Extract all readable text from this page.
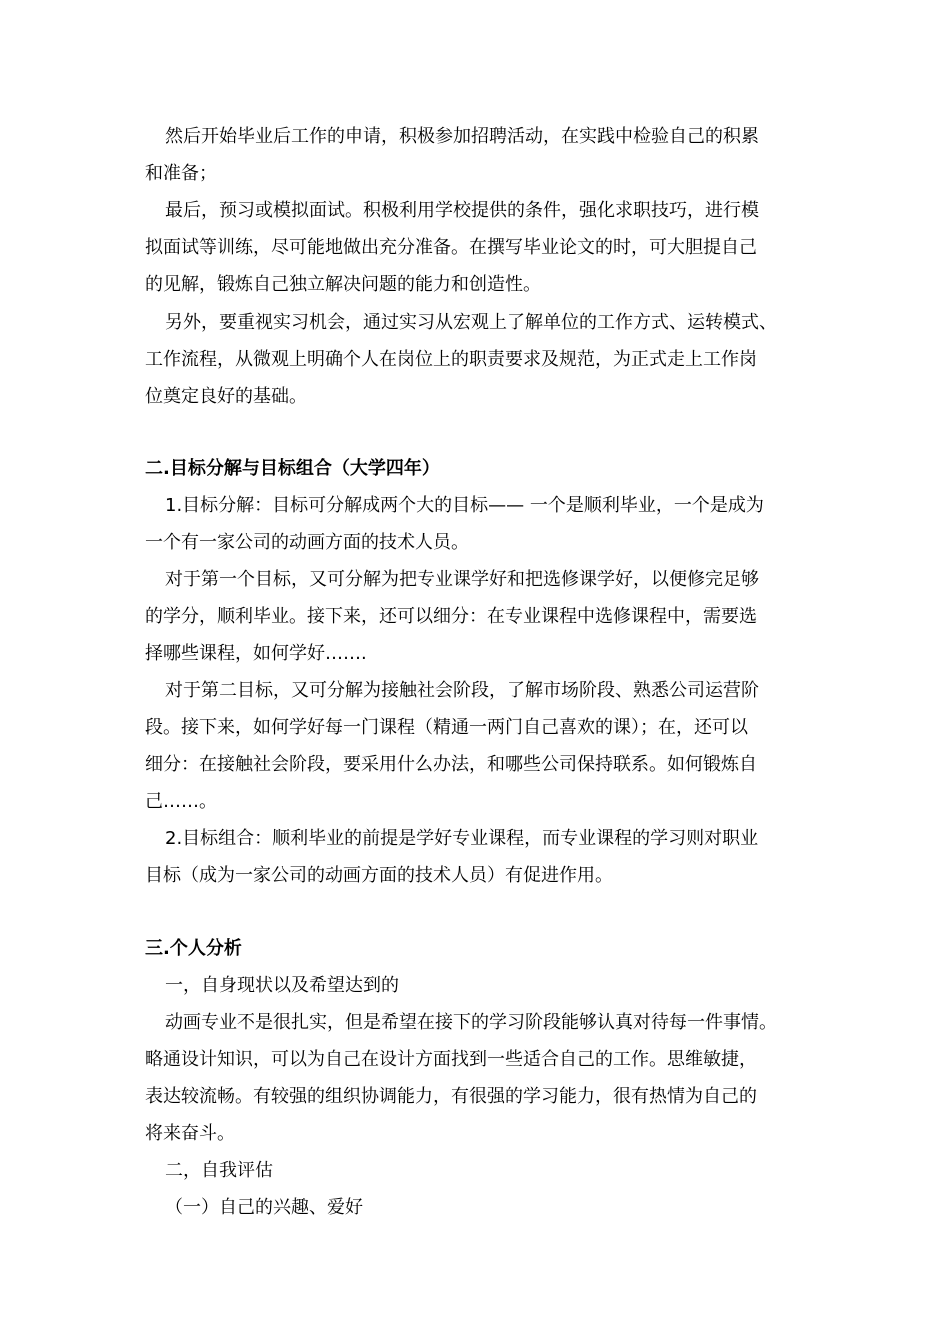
然后开始毕业后工作的申请，积极参加招聘活动，在实践中检验自己的积累
和准备；

最后，预习或模拟面试。积极利用学校提供的条件，强化求职技巧，进行模
拟面试等训练，尽可能地做出充分准备。在撰写毕业论文的时，可大胆提自己
的见解，锻炼自己独立解决问题的能力和创造性。

另外，要重视实习机会，通过实习从宏观上了解单位的工作方式、运转模式、
工作流程，从微观上明确个人在岗位上的职责要求及规范，为正式走上工作岗
位奠定良好的基础。

二.目标分解与目标组合（大学四年）

1.目标分解：目标可分解成两个大的目标—— 一个是顺利毕业，一个是成为
一个有一家公司的动画方面的技术人员。

对于第一个目标，又可分解为把专业课学好和把选修课学好，以便修完足够
的学分，顺利毕业。接下来，还可以细分：在专业课程中选修课程中，需要选
择哪些课程，如何学好…….

对于第二目标，又可分解为接触社会阶段，了解市场阶段、熟悉公司运营阶
段。接下来，如何学好每一门课程（精通一两门自己喜欢的课）；在，还可以
细分：在接触社会阶段，要采用什么办法，和哪些公司保持联系。如何锻炼自
己……。

2.目标组合：顺利毕业的前提是学好专业课程，而专业课程的学习则对职业
目标（成为一家公司的动画方面的技术人员）有促进作用。

三.个人分析

一，自身现状以及希望达到的

动画专业不是很扎实，但是希望在接下的学习阶段能够认真对待每一件事情。
略通设计知识，可以为自己在设计方面找到一些适合自己的工作。思维敏捷，
表达较流畅。有较强的组织协调能力，有很强的学习能力，很有热情为自己的
将来奋斗。

二，自我评估

（一）自己的兴趣、爱好
